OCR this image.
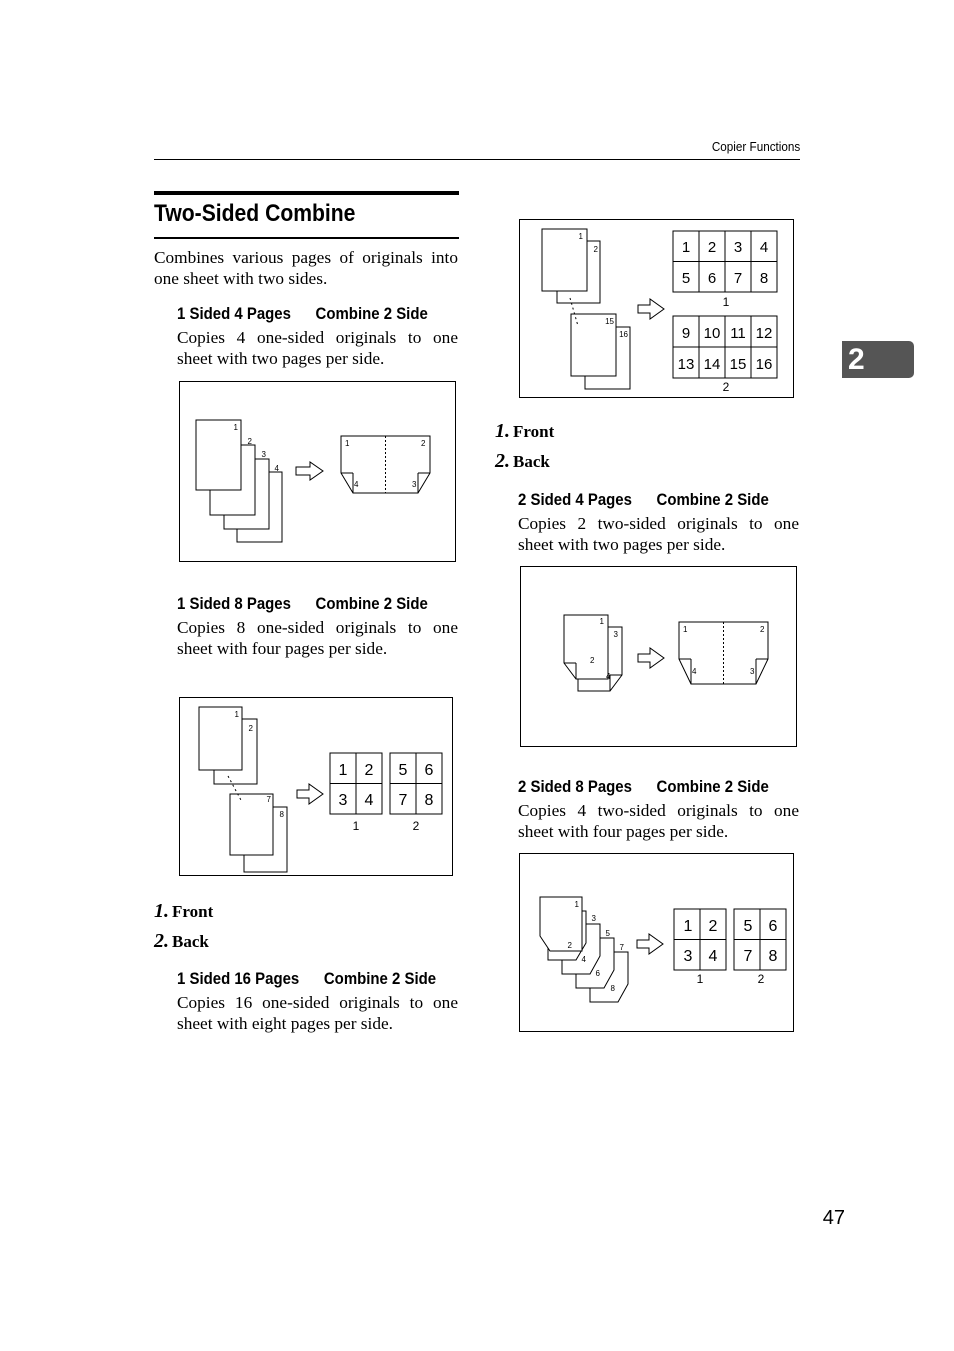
Copier Functions
Two-Sided Combine
Combines various pages of originals into one sheet with two sides.
1 Sided 4 Pages Combine 2 Side
Copies 4 one-sided originals to one sheet with two pages per side.
1
2
3
4
1	2
4	3
1 Sided 8 Pages Combine 2 Side
Copies 8 one-sided originals to one sheet with four pages per side.
1
2
7
8
1 2
3 4
5 6
7 8
1	2
1. Front
2. Back
1 Sided 16 Pages Combine 2 Side
Copies 16 one-sided originals to one sheet with eight pages per side.
1
2
15
16
1 2 3 4
5 6 7 8
9 10 11 12
13 14 15 16
1
2
1. Front
2. Back
2 Sided 4 Pages Combine 2 Side
Copies 2 two-sided originals to one sheet with two pages per side.
1
3
2
4
1	2
4	3
2 Sided 8 Pages Combine 2 Side
Copies 4 two-sided originals to one sheet with four pages per side.
1
3
2
5
4
7
6
8
1 2
3 4
5 6
7 8
1	2
2
47
